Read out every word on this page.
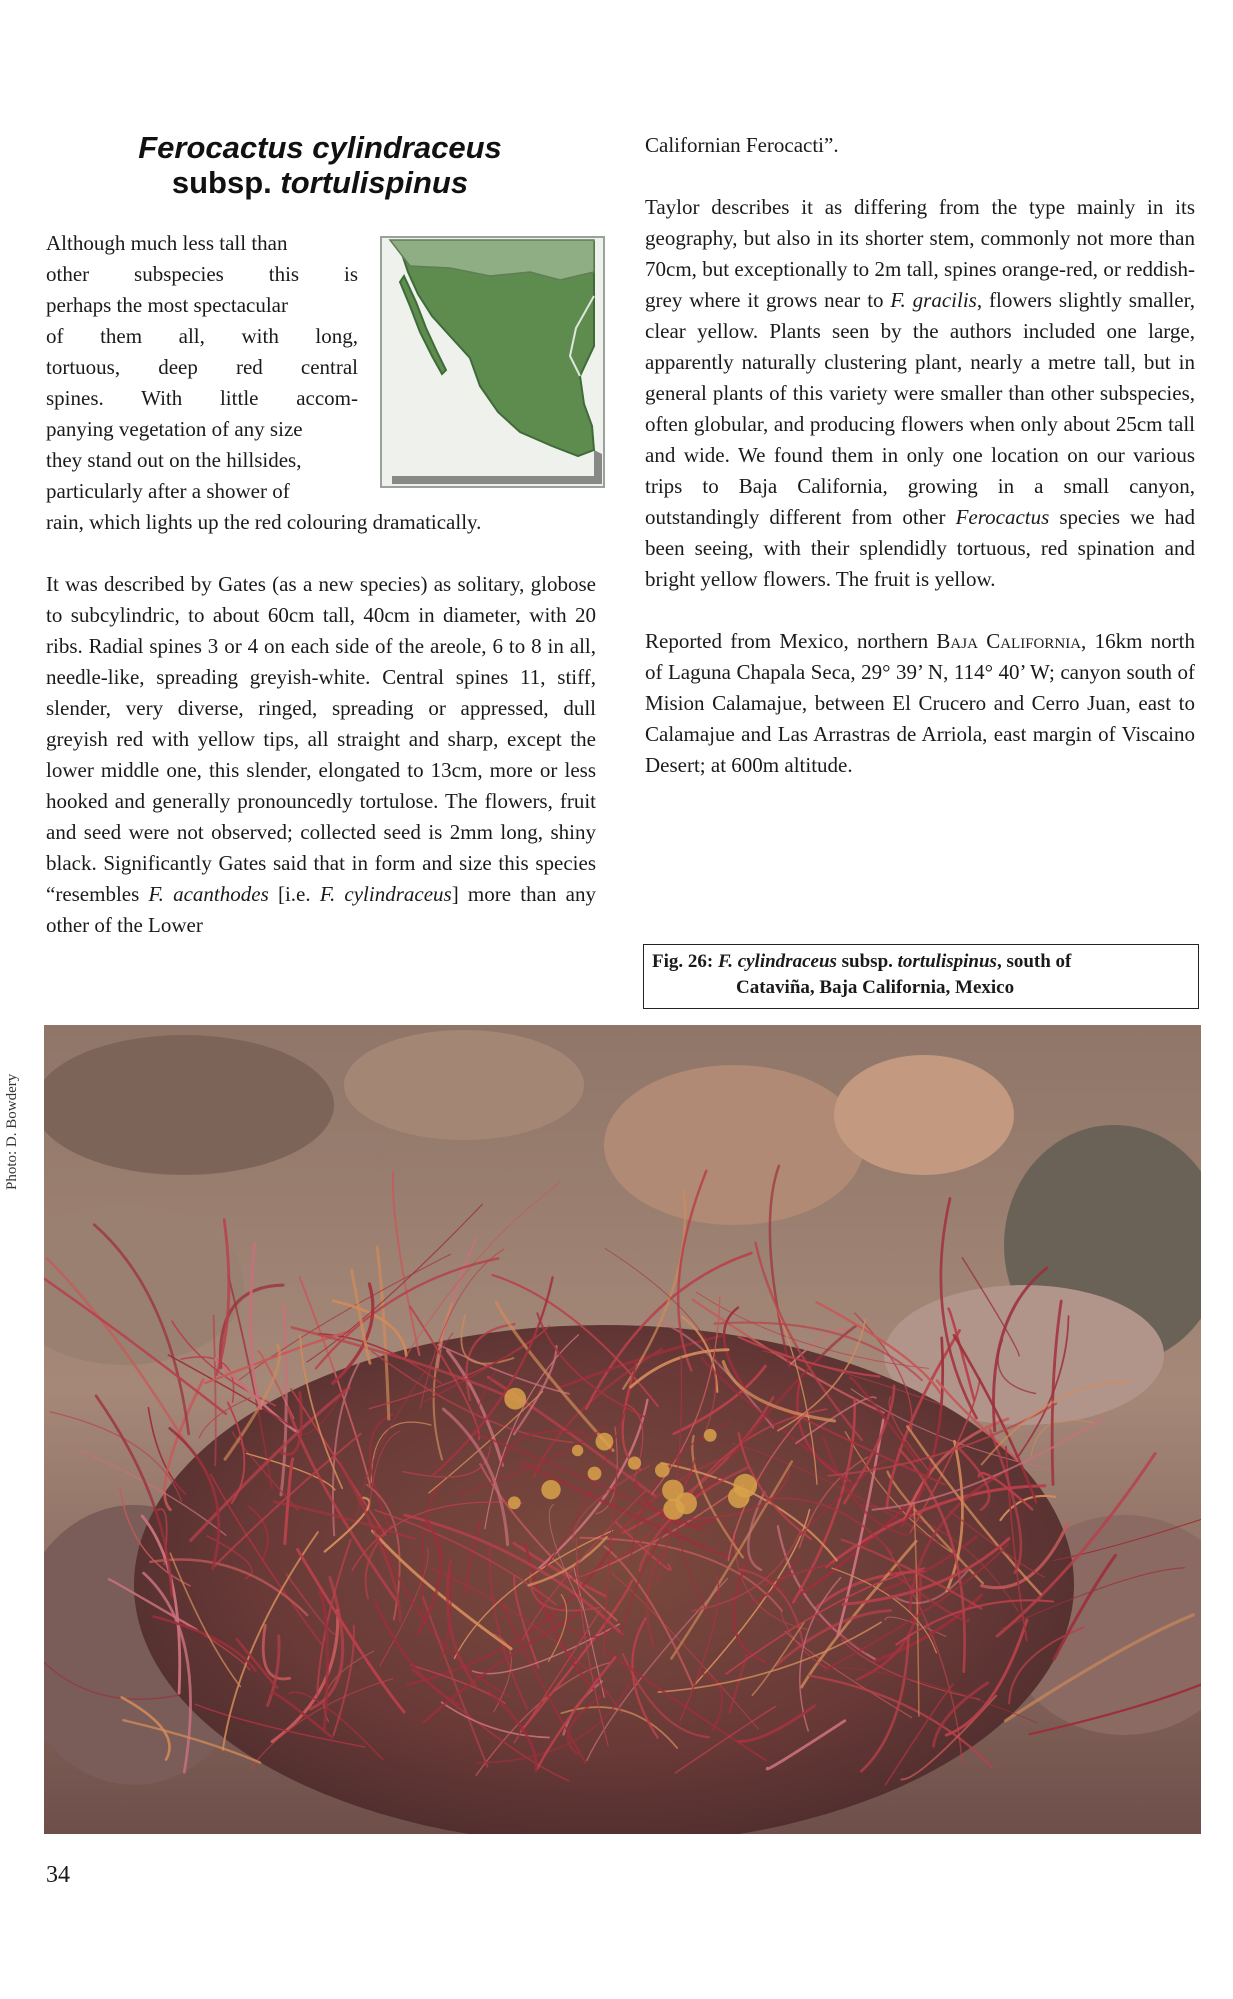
Ferocactus cylindraceus
subsp. tortulispinus

Although much less tall than

other subspecies this is

perhaps the most spectacular

of them all, with long,

tortuous, deep red central

spines. With little accom-

panying vegetation of any size

they stand out on the hillsides,

particularly after a shower of

rain, which lights up the red colouring dramatically.

It was described by Gates (as a new species) as solitary, globose to subcylindric, to about 60cm tall, 40cm in diameter, with 20 ribs. Radial spines 3 or 4 on each side of the areole, 6 to 8 in all, needle-like, spreading greyish-white. Central spines 11, stiff, slender, very diverse, ringed, spreading or appressed, dull greyish red with yellow tips, all straight and sharp, except the lower middle one, this slender, elongated to 13cm, more or less hooked and generally pronouncedly tortulose. The flowers, fruit and seed were not observed; collected seed is 2mm long, shiny black. Significantly Gates said that in form and size this species “resembles F. acanthodes [i.e. F. cylindraceus] more than any other of the Lower

Californian Ferocacti”.

Taylor describes it as differing from the type mainly in its geography, but also in its shorter stem, commonly not more than 70cm, but exceptionally to 2m tall, spines orange-red, or reddish-grey where it grows near to F. gracilis, flowers slightly smaller, clear yellow. Plants seen by the authors included one large, apparently naturally clustering plant, nearly a metre tall, but in general plants of this variety were smaller than other subspecies, often globular, and producing flowers when only about 25cm tall and wide. We found them in only one location on our various trips to Baja California, growing in a small canyon, outstandingly different from other Ferocactus species we had been seeing, with their splendidly tortuous, red spination and bright yellow flowers. The fruit is yellow.

Reported from Mexico, northern Baja California, 16km north of Laguna Chapala Seca, 29° 39’ N, 114° 40’ W; canyon south of Mision Calamajue, between El Crucero and Cerro Juan, east to Calamajue and Las Arrastras de Arriola, east margin of Viscaino Desert; at 600m altitude.

Fig. 26: F. cylindraceus subsp. tortulispinus, south of
Cataviña, Baja California, Mexico
Photo: D. Bowdery
34
